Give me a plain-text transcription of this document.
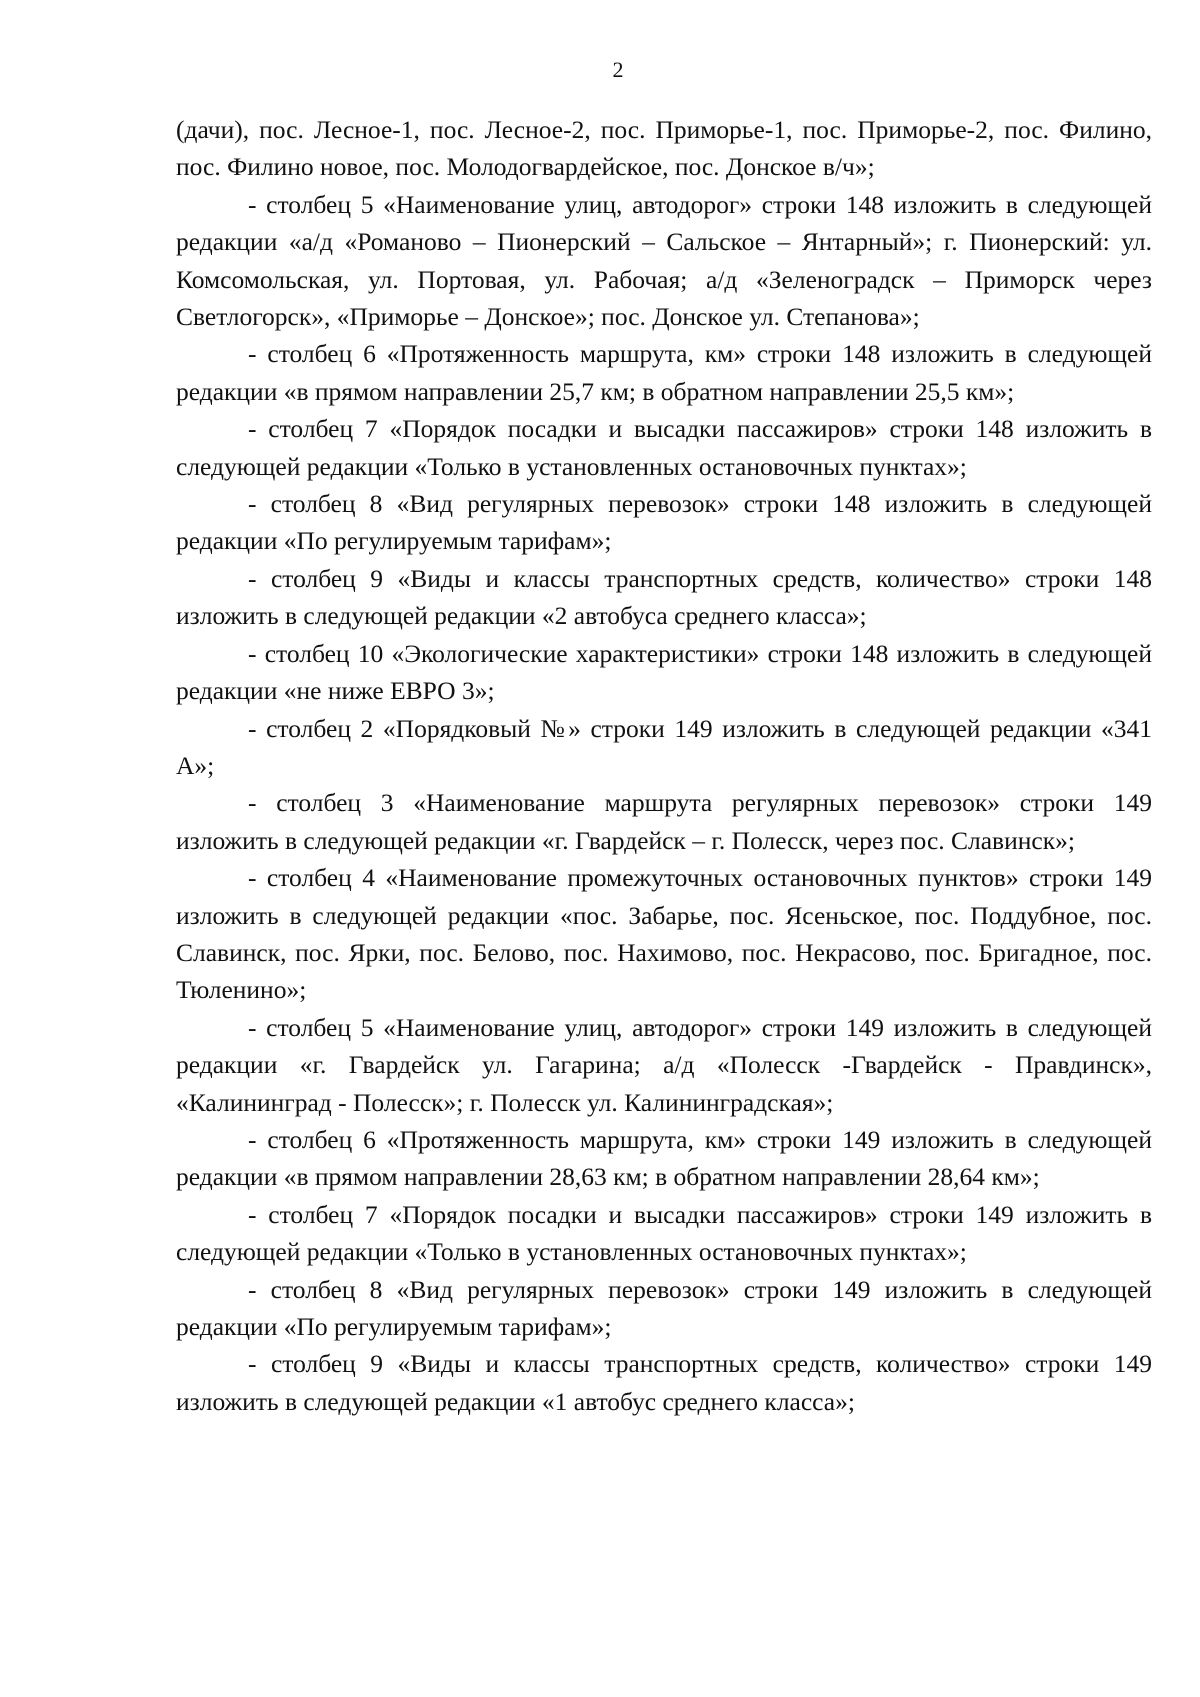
2

(дачи), пос. Лесное-1, пос. Лесное-2, пос. Приморье-1, пос. Приморье-2, пос. Филино, пос. Филино новое, пос. Молодогвардейское, пос. Донское в/ч»;

- столбец 5 «Наименование улиц, автодорог» строки 148 изложить в следующей редакции «а/д «Романово – Пионерский – Сальское – Янтарный»; г. Пионерский: ул. Комсомольская, ул. Портовая, ул. Рабочая; а/д «Зеленоградск – Приморск через Светлогорск», «Приморье – Донское»; пос. Донское ул. Степанова»;

- столбец 6 «Протяженность маршрута, км» строки 148 изложить в следующей редакции «в прямом направлении 25,7 км; в обратном направлении 25,5 км»;

- столбец 7 «Порядок посадки и высадки пассажиров» строки 148 изложить в следующей редакции «Только в установленных остановочных пунктах»;

- столбец 8 «Вид регулярных перевозок» строки 148 изложить в следующей редакции «По регулируемым тарифам»;

- столбец 9 «Виды и классы транспортных средств, количество» строки 148 изложить в следующей редакции «2 автобуса среднего класса»;

- столбец 10 «Экологические характеристики» строки 148 изложить в следующей редакции «не ниже ЕВРО 3»;

- столбец 2 «Порядковый №» строки 149 изложить в следующей редакции «341 А»;

- столбец 3 «Наименование маршрута регулярных перевозок» строки 149 изложить в следующей редакции «г. Гвардейск – г. Полесск, через пос. Славинск»;

- столбец 4 «Наименование промежуточных остановочных пунктов» строки 149 изложить в следующей редакции «пос. Забарье, пос. Ясеньское, пос. Поддубное, пос. Славинск, пос. Ярки, пос. Белово, пос. Нахимово, пос. Некрасово, пос. Бригадное, пос. Тюленино»;

- столбец 5 «Наименование улиц, автодорог» строки 149 изложить в следующей редакции «г. Гвардейск ул. Гагарина; а/д «Полесск -Гвардейск - Правдинск», «Калининград - Полесск»; г. Полесск ул. Калининградская»;

- столбец 6 «Протяженность маршрута, км» строки 149 изложить в следующей редакции «в прямом направлении 28,63 км; в обратном направлении 28,64 км»;

- столбец 7 «Порядок посадки и высадки пассажиров» строки 149 изложить в следующей редакции «Только в установленных остановочных пунктах»;

- столбец 8 «Вид регулярных перевозок» строки 149 изложить в следующей редакции «По регулируемым тарифам»;

- столбец 9 «Виды и классы транспортных средств, количество» строки 149 изложить в следующей редакции «1 автобус среднего класса»;
